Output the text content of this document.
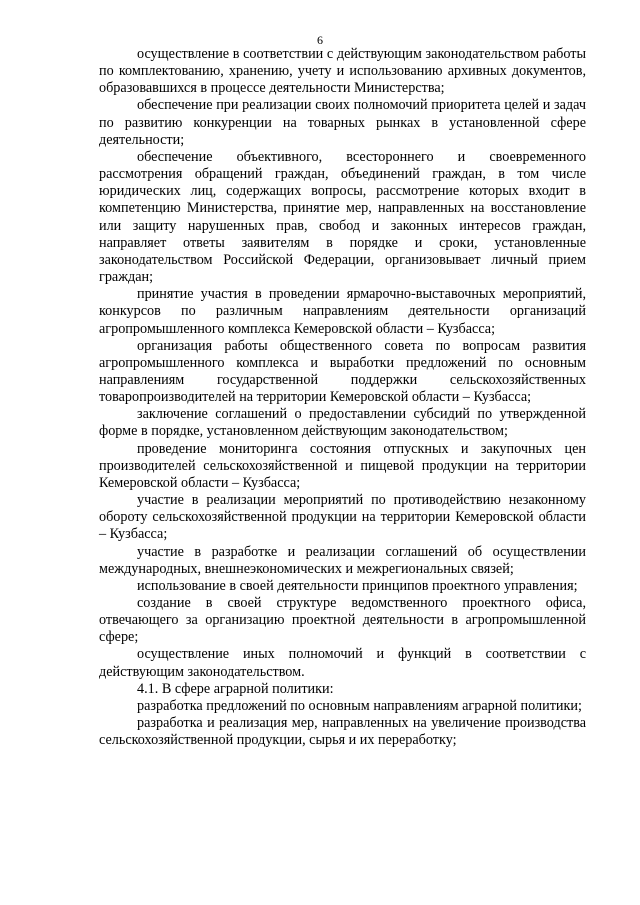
6

осуществление в соответствии с действующим законодательством работы по комплектованию, хранению, учету и использованию архивных документов, образовавшихся в процессе деятельности Министерства;

обеспечение при реализации своих полномочий приоритета целей и задач по развитию конкуренции на товарных рынках в установленной сфере деятельности;

обеспечение объективного, всестороннего и своевременного рассмотрения обращений граждан, объединений граждан, в том числе юридических лиц, содержащих вопросы, рассмотрение которых входит в компетенцию Министерства, принятие мер, направленных на восстановление или защиту нарушенных прав, свобод и законных интересов граждан, направляет ответы заявителям в порядке и сроки, установленные законодательством Российской Федерации, организовывает личный прием граждан;

принятие участия в проведении ярмарочно-выставочных мероприятий, конкурсов по различным направлениям деятельности организаций агропромышленного комплекса Кемеровской области – Кузбасса;

организация работы общественного совета по вопросам развития агропромышленного комплекса и выработки предложений по основным направлениям государственной поддержки сельскохозяйственных товаропроизводителей на территории Кемеровской области – Кузбасса;

заключение соглашений о предоставлении субсидий по утвержденной форме в порядке, установленном действующим законодательством;

проведение мониторинга состояния отпускных и закупочных цен производителей сельскохозяйственной и пищевой продукции на территории Кемеровской области – Кузбасса;

участие в реализации мероприятий по противодействию незаконному обороту сельскохозяйственной продукции на территории Кемеровской области – Кузбасса;

участие в разработке и реализации соглашений об осуществлении международных, внешнеэкономических и межрегиональных связей;

использование в своей деятельности принципов проектного управления;

создание в своей структуре ведомственного проектного офиса, отвечающего за организацию проектной деятельности в агропромышленной сфере;

осуществление иных полномочий и функций в соответствии с действующим законодательством.

4.1. В сфере аграрной политики:

разработка предложений по основным направлениям аграрной политики;

разработка и реализация мер, направленных на увеличение производства сельскохозяйственной продукции, сырья и их переработку;
